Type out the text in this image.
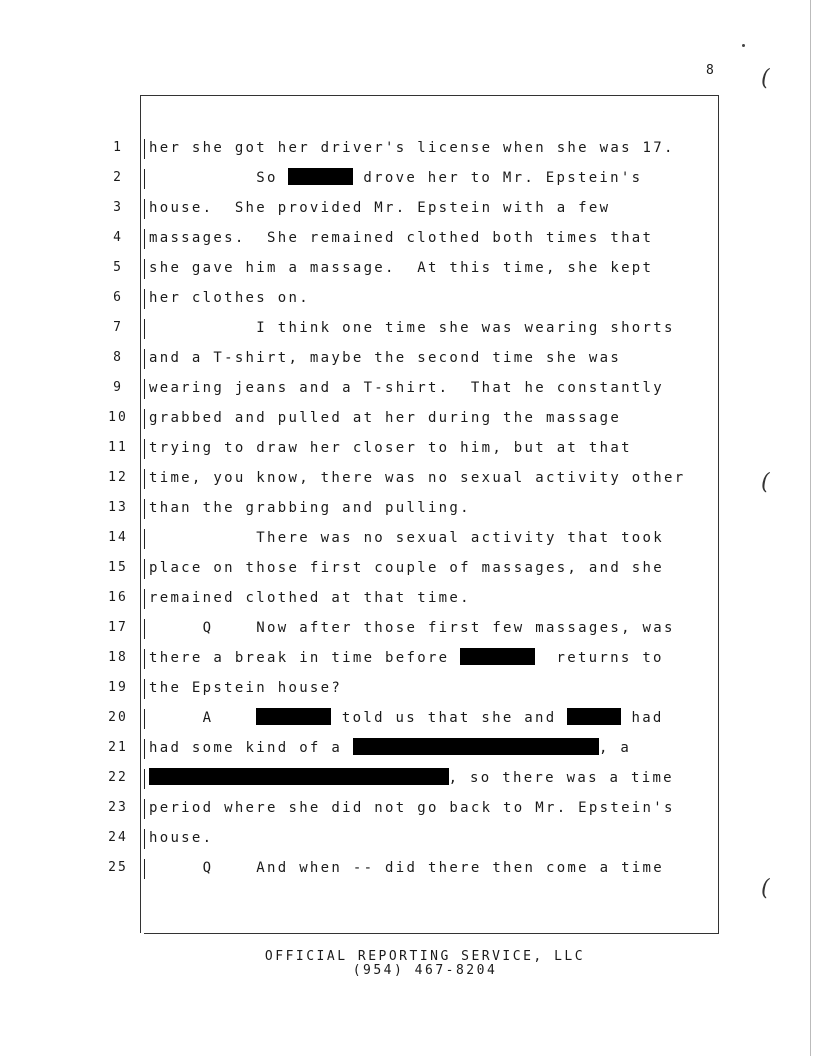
8 (
(
(
1	her she got her driver's license when she was 17.
2	So	drove her to Mr. Epstein's
3	house.  She provided Mr. Epstein with a few
4	massages.  She remained clothed both times that
5	she gave him a massage.  At this time, she kept
6	her clothes on.
7	I think one time she was wearing shorts
8	and a T-shirt, maybe the second time she was
9	wearing jeans and a T-shirt.  That he constantly
10 grabbed and pulled at her during the massage
11 trying to draw her closer to him, but at that
12 time, you know, there was no sexual activity other
13 than the grabbing and pulling.
14 There was no sexual activity that took
15 place on those first couple of massages, and she
16 remained clothed at that time.
17 Q    Now after those first few massages, was
18 there a break in time before	returns to
19 the Epstein house?
20 A	told us that she and	had
21 had some kind of a	, a
22	, so there was a time
23 period where she did not go back to Mr. Epstein's
24 house.
25 Q    And when -- did there then come a time
OFFICIAL REPORTING SERVICE, LLC
(954) 467-8204
